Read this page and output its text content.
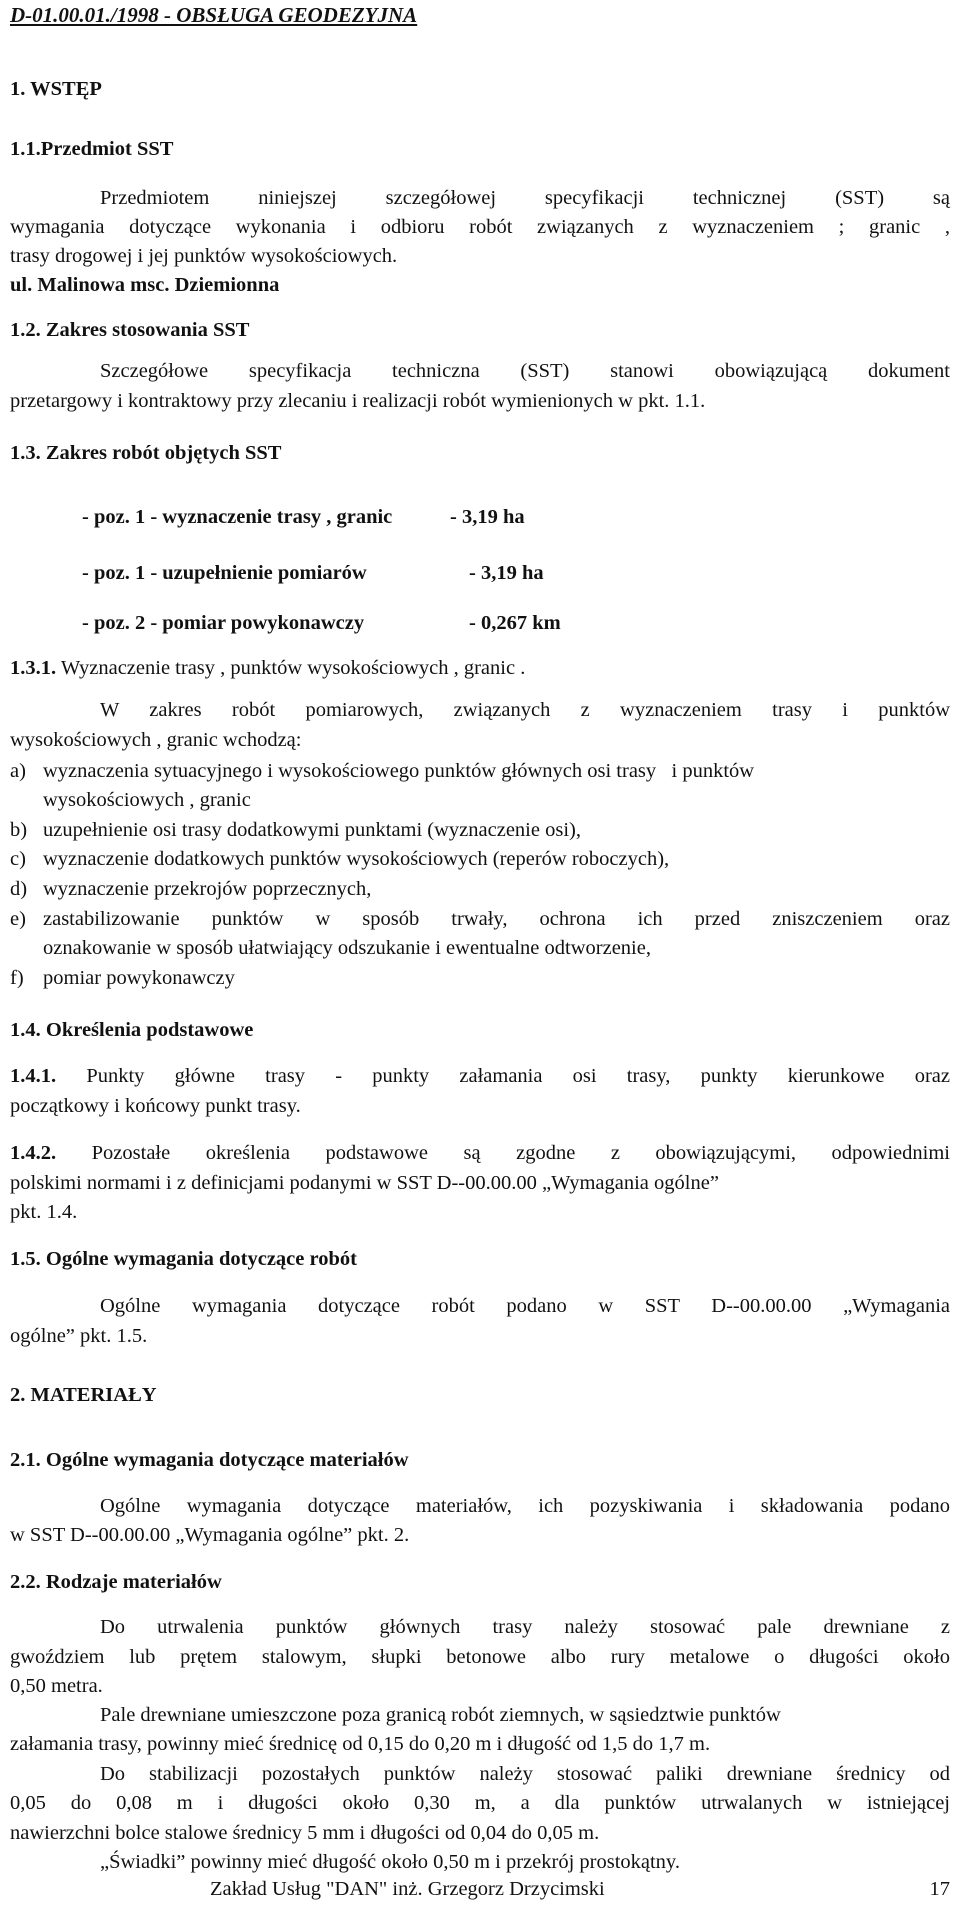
D-01.00.01./1998 - OBSŁUGA GEODEZYJNA
1. WSTĘP
1.1.Przedmiot SST
Przedmiotem niniejszej szczegółowej specyfikacji technicznej (SST) są
wymagania dotyczące wykonania i odbioru robót związanych z wyznaczeniem ; granic ,
trasy drogowej i jej punktów wysokościowych.
ul. Malinowa msc. Dziemionna
1.2. Zakres stosowania SST
Szczegółowe specyfikacja techniczna (SST) stanowi obowiązującą dokument
przetargowy i kontraktowy przy zlecaniu i realizacji robót wymienionych w pkt. 1.1.
1.3. Zakres robót objętych SST
- poz. 1 - wyznaczenie trasy , granic	- 3,19 ha
- poz. 1 - uzupełnienie pomiarów	- 3,19 ha
- poz. 2 - pomiar powykonawczy	- 0,267 km
1.3.1. Wyznaczenie trasy , punktów wysokościowych , granic .
W zakres robót pomiarowych, związanych z wyznaczeniem trasy i punktów
wysokościowych , granic wchodzą:
a) wyznaczenia sytuacyjnego i wysokościowego punktów głównych osi trasy   i punktów
wysokościowych , granic
b) uzupełnienie osi trasy dodatkowymi punktami (wyznaczenie osi),
c) wyznaczenie dodatkowych punktów wysokościowych (reperów roboczych),
d) wyznaczenie przekrojów poprzecznych,
e) zastabilizowanie punktów w sposób trwały, ochrona ich przed zniszczeniem oraz
oznakowanie w sposób ułatwiający odszukanie i ewentualne odtworzenie,
f) pomiar powykonawczy
1.4. Określenia podstawowe
1.4.1. Punkty główne trasy - punkty załamania osi trasy, punkty kierunkowe oraz
początkowy i końcowy punkt trasy.
1.4.2. Pozostałe określenia podstawowe są zgodne z obowiązującymi, odpowiednimi
polskimi normami i z definicjami podanymi w SST D--00.00.00 „Wymagania ogólne”
pkt. 1.4.
1.5. Ogólne wymagania dotyczące robót
Ogólne wymagania dotyczące robót podano w SST D--00.00.00 „Wymagania
ogólne” pkt. 1.5.
2. MATERIAŁY
2.1. Ogólne wymagania dotyczące materiałów
Ogólne wymagania dotyczące materiałów, ich pozyskiwania i składowania podano
w SST D--00.00.00 „Wymagania ogólne” pkt. 2.
2.2. Rodzaje materiałów
Do utrwalenia punktów głównych trasy należy stosować pale drewniane z
gwoździem lub prętem stalowym, słupki betonowe albo rury metalowe o długości około
0,50 metra.
Pale drewniane umieszczone poza granicą robót ziemnych, w sąsiedztwie punktów
załamania trasy, powinny mieć średnicę od 0,15 do 0,20 m i długość od 1,5 do 1,7 m.
Do stabilizacji pozostałych punktów należy stosować paliki drewniane średnicy od
0,05 do 0,08 m i długości około 0,30 m, a dla punktów utrwalanych w istniejącej
nawierzchni bolce stalowe średnicy 5 mm i długości od 0,04 do 0,05 m.
„Świadki” powinny mieć długość około 0,50 m i przekrój prostokątny.
Zakład Usług "DAN" inż. Grzegorz Drzycimski	17
